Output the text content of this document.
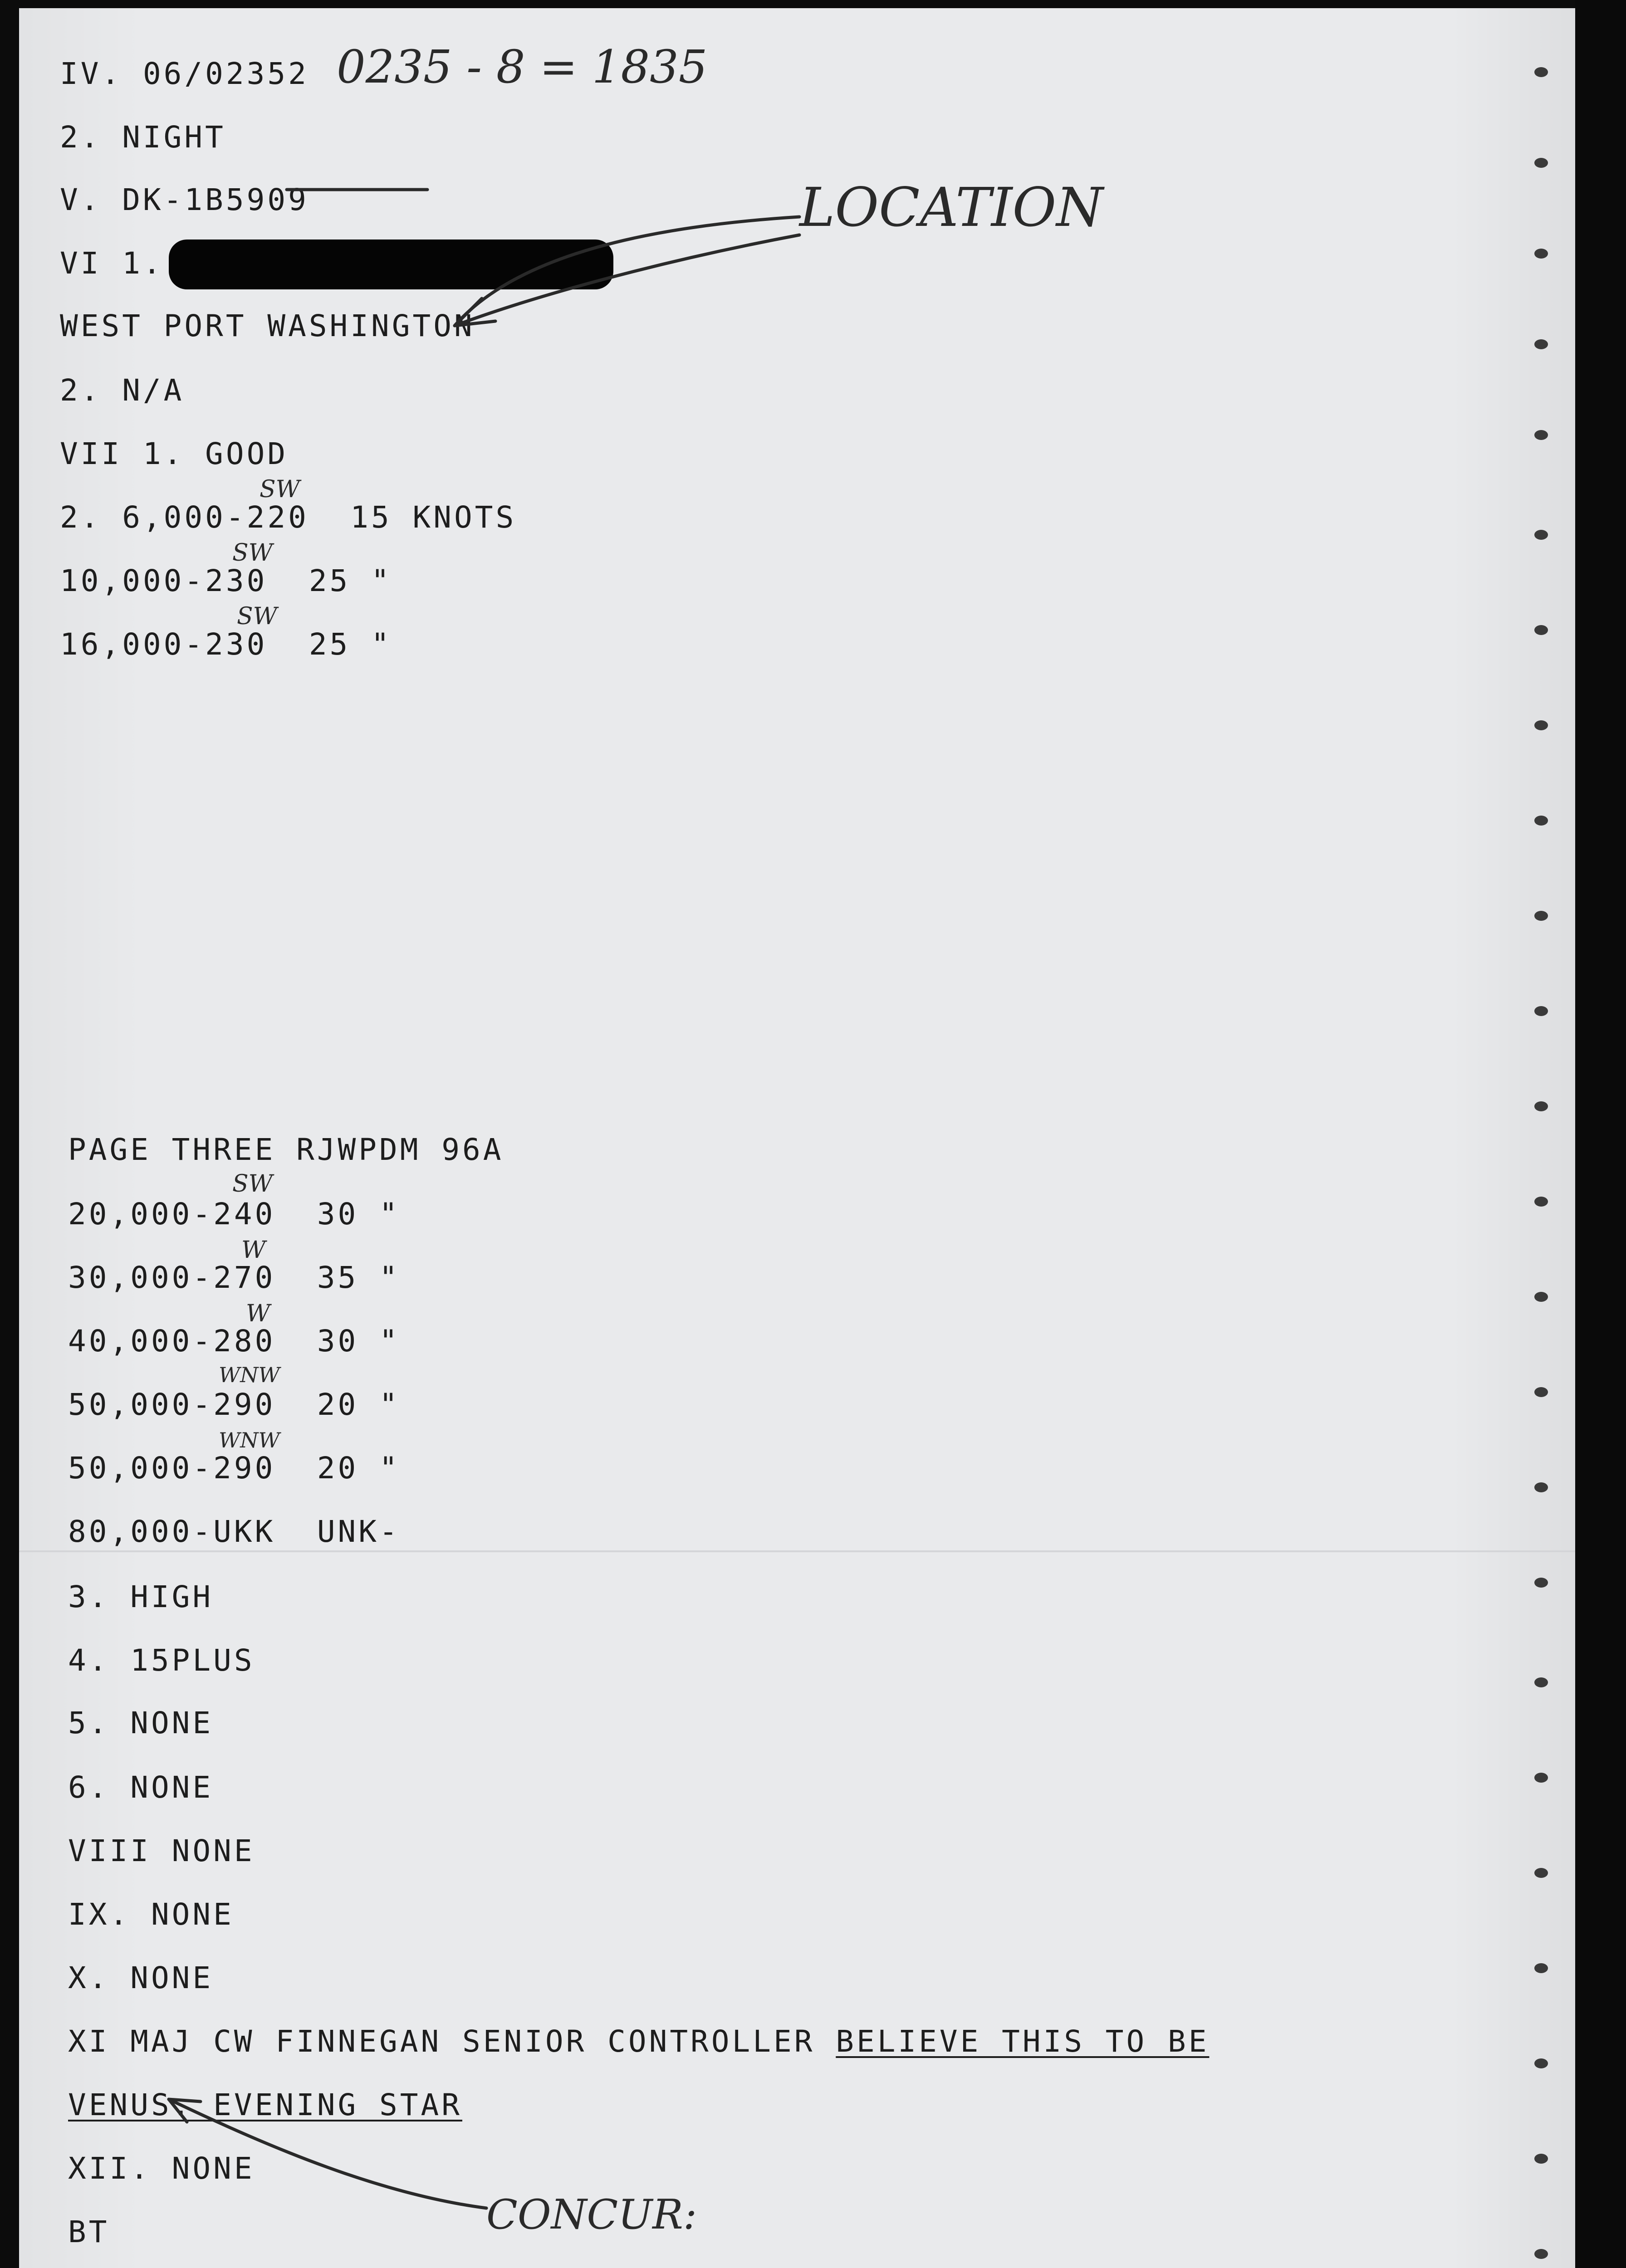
IV. 06/02352
2. NIGHT
V. DK-1B5909
VI 1.
WEST PORT WASHINGTON
2. N/A
VII 1. GOOD
2. 6,000-220  15 KNOTS
10,000-230  25 "
16,000-230  25 "
PAGE THREE RJWPDM 96A
20,000-240  30 "
30,000-270  35 "
40,000-280  30 "
50,000-290  20 "
50,000-290  20 "
80,000-UKK  UNK-
3. HIGH
4. 15PLUS
5. NONE
6. NONE
VIII NONE
IX. NONE
X. NONE
XI MAJ CW FINNEGAN SENIOR CONTROLLER BELIEVE THIS TO BE
VENUS. EVENING STAR
XII. NONE
BT
0235 - 8 = 1835
LOCATION
SW
SW
SW
SW
W
W
WNW
WNW
CONCUR:
